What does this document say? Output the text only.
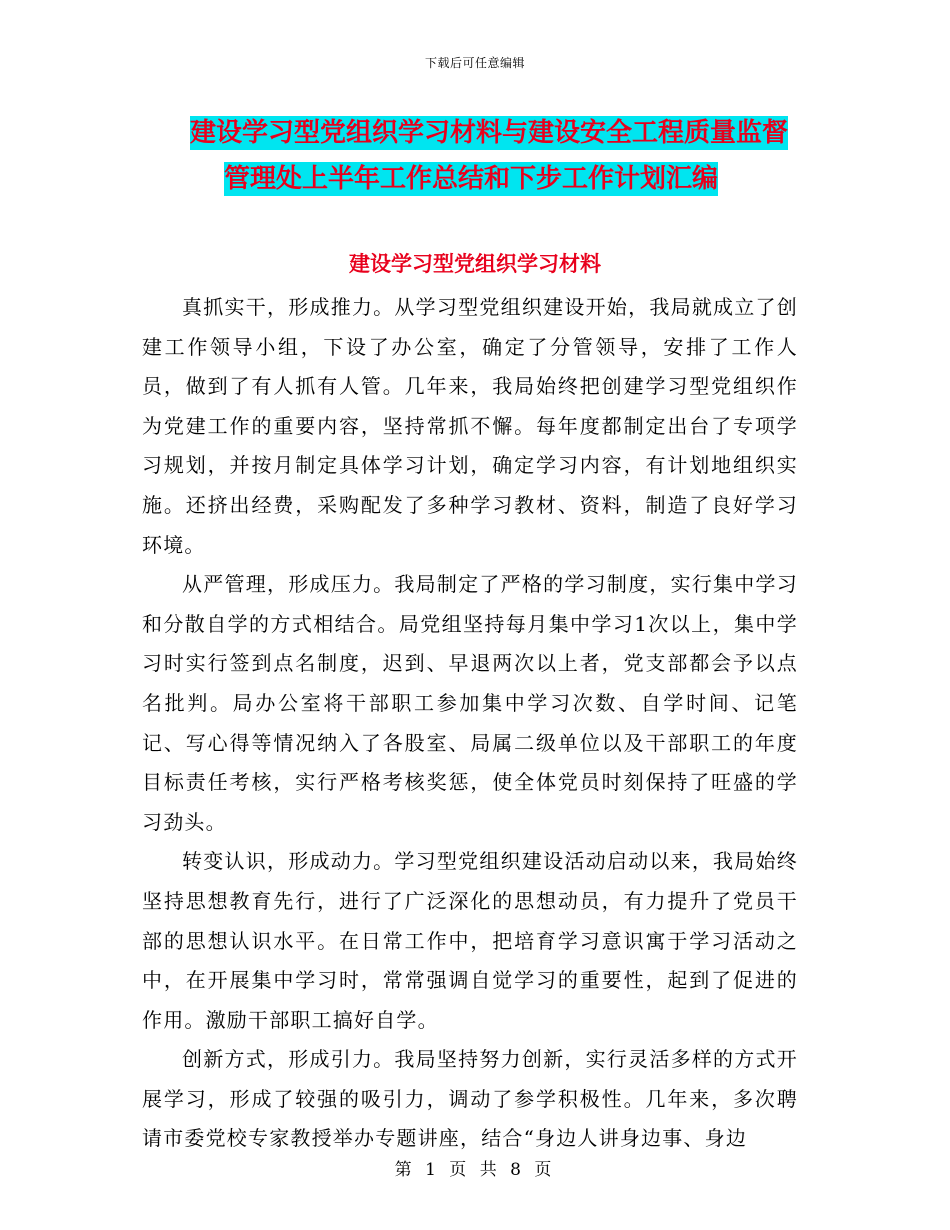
下载后可任意编辑
建设学习型党组织学习材料与建设安全工程质量监督
管理处上半年工作总结和下步工作计划汇编
建设学习型党组织学习材料

真抓实干，形成推力。从学习型党组织建设开始，我局就成立了创建工作领导小组，下设了办公室，确定了分管领导，安排了工作人员，做到了有人抓有人管。几年来，我局始终把创建学习型党组织作为党建工作的重要内容，坚持常抓不懈。每年度都制定出台了专项学习规划，并按月制定具体学习计划，确定学习内容，有计划地组织实施。还挤出经费，采购配发了多种学习教材、资料，制造了良好学习环境。

从严管理，形成压力。我局制定了严格的学习制度，实行集中学习和分散自学的方式相结合。局党组坚持每月集中学习1次以上，集中学习时实行签到点名制度，迟到、早退两次以上者，党支部都会予以点名批判。局办公室将干部职工参加集中学习次数、自学时间、记笔记、写心得等情况纳入了各股室、局属二级单位以及干部职工的年度目标责任考核，实行严格考核奖惩，使全体党员时刻保持了旺盛的学习劲头。

转变认识，形成动力。学习型党组织建设活动启动以来，我局始终坚持思想教育先行，进行了广泛深化的思想动员，有力提升了党员干部的思想认识水平。在日常工作中，把培育学习意识寓于学习活动之中，在开展集中学习时，常常强调自觉学习的重要性，起到了促进的作用。激励干部职工搞好自学。

创新方式，形成引力。我局坚持努力创新，实行灵活多样的方式开展学习，形成了较强的吸引力，调动了参学积极性。几年来，多次聘请市委党校专家教授举办专题讲座，结合“身边人讲身边事、身边

第 1 页 共 8 页
